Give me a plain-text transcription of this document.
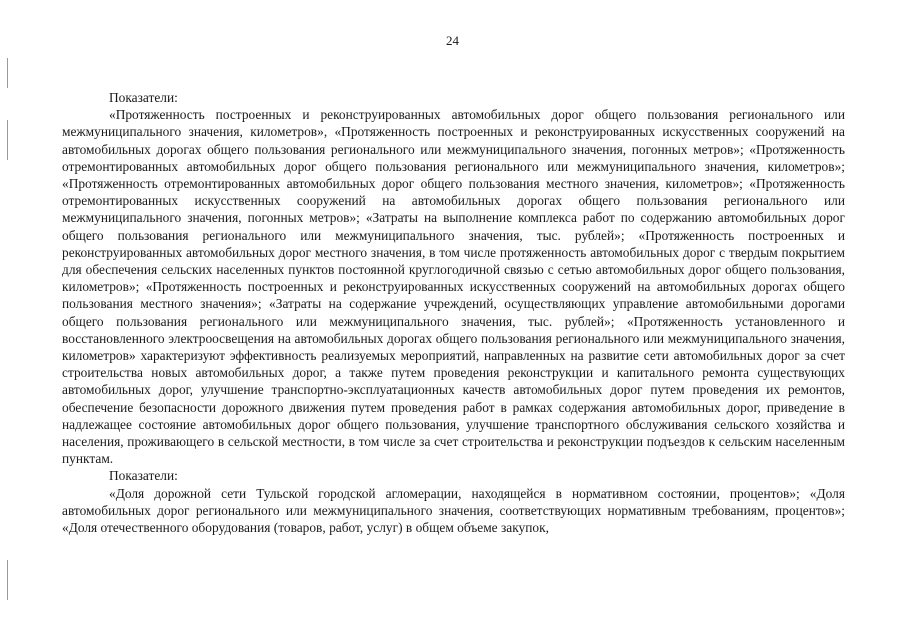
24
Показатели:
«Протяженность построенных и реконструированных автомобильных дорог общего пользования регионального или межмуниципального значения, километров», «Протяженность построенных и реконструированных искусственных сооружений на автомобильных дорогах общего пользования регионального или межмуниципального значения, погонных метров»; «Протяженность отремонтированных автомобильных дорог общего пользования регионального или межмуниципального значения, километров»; «Протяженность отремонтированных автомобильных дорог общего пользования местного значения, километров»; «Протяженность отремонтированных искусственных сооружений на автомобильных дорогах общего пользования регионального или межмуниципального значения, погонных метров»; «Затраты на выполнение комплекса работ по содержанию автомобильных дорог общего пользования регионального или межмуниципального значения, тыс. рублей»; «Протяженность построенных и реконструированных автомобильных дорог местного значения, в том числе протяженность автомобильных дорог с твердым покрытием для обеспечения сельских населенных пунктов постоянной круглогодичной связью с сетью автомобильных дорог общего пользования, километров»; «Протяженность построенных и реконструированных искусственных сооружений на автомобильных дорогах общего пользования местного значения»; «Затраты на содержание учреждений, осуществляющих управление автомобильными дорогами общего пользования регионального или межмуниципального значения, тыс. рублей»; «Протяженность установленного и восстановленного электроосвещения на автомобильных дорогах общего пользования регионального или межмуниципального значения, километров» характеризуют эффективность реализуемых мероприятий, направленных на развитие сети автомобильных дорог за счет строительства новых автомобильных дорог, а также путем проведения реконструкции и капитального ремонта существующих автомобильных дорог, улучшение транспортно-эксплуатационных качеств автомобильных дорог путем проведения их ремонтов, обеспечение безопасности дорожного движения путем проведения работ в рамках содержания автомобильных дорог, приведение в надлежащее состояние автомобильных дорог общего пользования, улучшение транспортного обслуживания сельского хозяйства и населения, проживающего в сельской местности, в том числе за счет строительства и реконструкции подъездов к сельским населенным пунктам.
Показатели:
«Доля дорожной сети Тульской городской агломерации, находящейся в нормативном состоянии, процентов»; «Доля автомобильных дорог регионального или межмуниципального значения, соответствующих нормативным требованиям, процентов»; «Доля отечественного оборудования (товаров, работ, услуг) в общем объеме закупок,
